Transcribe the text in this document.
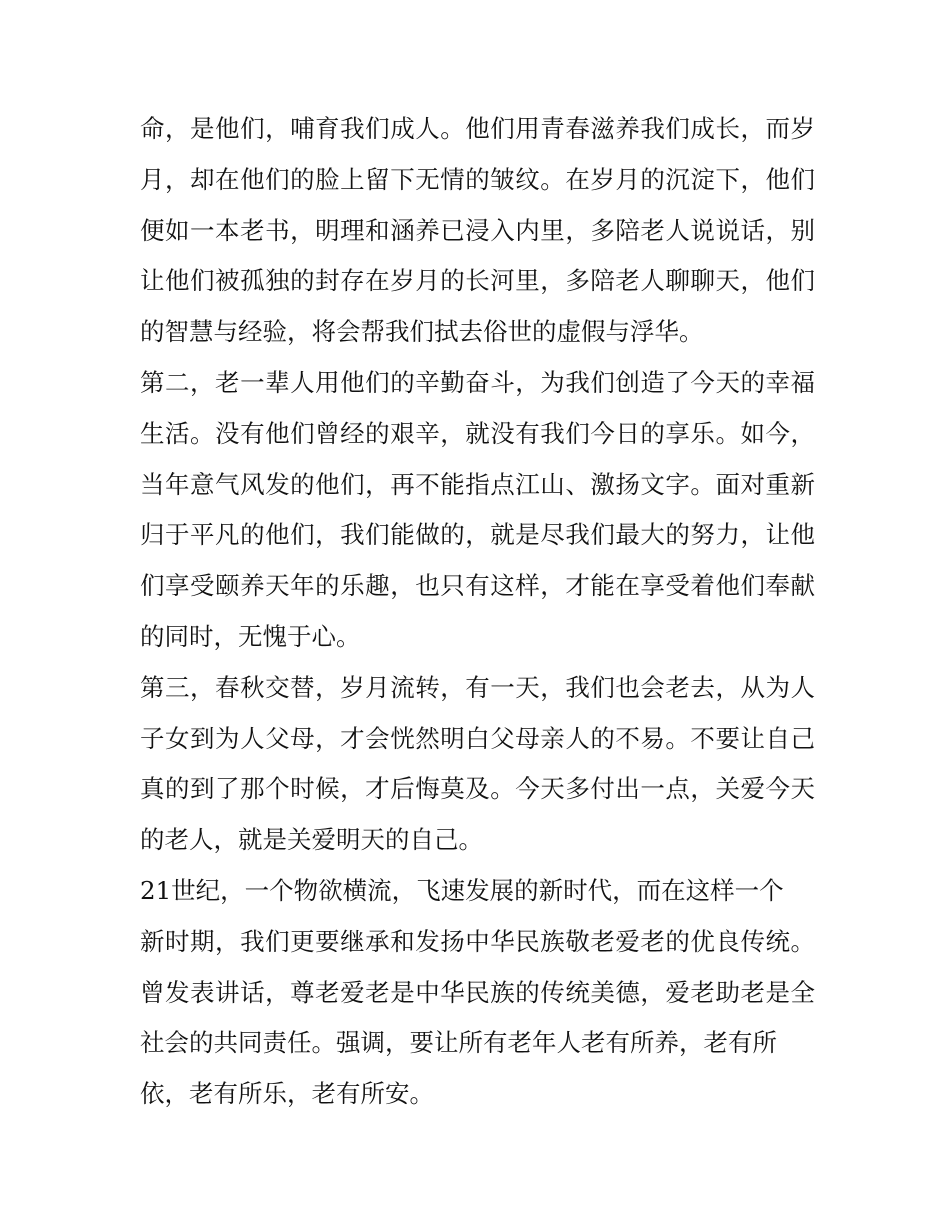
命，是他们，哺育我们成人。他们用青春滋养我们成长，而岁
月，却在他们的脸上留下无情的皱纹。在岁月的沉淀下，他们
便如一本老书，明理和涵养已浸入内里，多陪老人说说话，别
让他们被孤独的封存在岁月的长河里，多陪老人聊聊天，他们
的智慧与经验，将会帮我们拭去俗世的虚假与浮华。
第二，老一辈人用他们的辛勤奋斗，为我们创造了今天的幸福
生活。没有他们曾经的艰辛，就没有我们今日的享乐。如今，
当年意气风发的他们，再不能指点江山、激扬文字。面对重新
归于平凡的他们，我们能做的，就是尽我们最大的努力，让他
们享受颐养天年的乐趣，也只有这样，才能在享受着他们奉献
的同时，无愧于心。
第三，春秋交替，岁月流转，有一天，我们也会老去，从为人
子女到为人父母，才会恍然明白父母亲人的不易。不要让自己
真的到了那个时候，才后悔莫及。今天多付出一点，关爱今天
的老人，就是关爱明天的自己。
21世纪，一个物欲横流，飞速发展的新时代，而在这样一个
新时期，我们更要继承和发扬中华民族敬老爱老的优良传统。
曾发表讲话，尊老爱老是中华民族的传统美德，爱老助老是全
社会的共同责任。强调，要让所有老年人老有所养，老有所
依，老有所乐，老有所安。
